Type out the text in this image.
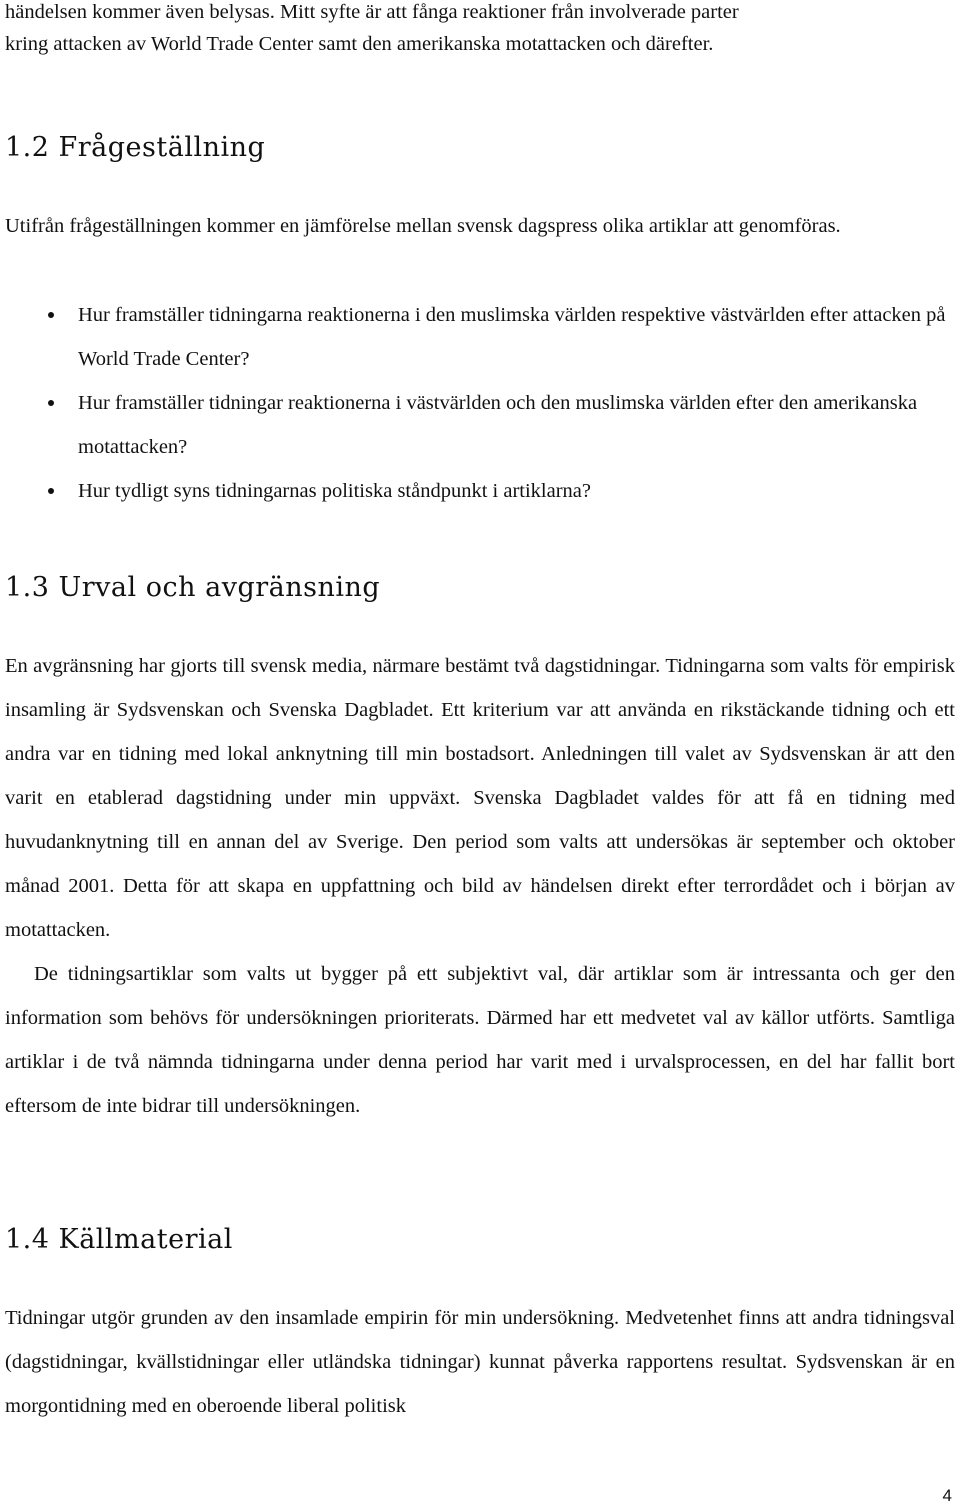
händelsen kommer även belysas. Mitt syfte är att fånga reaktioner från involverade parter

kring attacken av World Trade Center samt den amerikanska motattacken och därefter.

1.2 Frågeställning

Utifrån frågeställningen kommer en jämförelse mellan svensk dagspress olika artiklar att genomföras.

Hur framställer tidningarna reaktionerna i den muslimska världen respektive västvärlden efter attacken på World Trade Center?
Hur framställer tidningar reaktionerna i västvärlden och den muslimska världen efter den amerikanska motattacken?
Hur tydligt syns tidningarnas politiska ståndpunkt i artiklarna?
1.3 Urval och avgränsning

En avgränsning har gjorts till svensk media, närmare bestämt två dagstidningar. Tidningarna som valts för empirisk insamling är Sydsvenskan och Svenska Dagbladet. Ett kriterium var att använda en rikstäckande tidning och ett andra var en tidning med lokal anknytning till min bostadsort. Anledningen till valet av Sydsvenskan är att den varit en etablerad dagstidning under min uppväxt. Svenska Dagbladet valdes för att få en tidning med huvudanknytning till en annan del av Sverige. Den period som valts att undersökas är september och oktober månad 2001. Detta för att skapa en uppfattning och bild av händelsen direkt efter terrordådet och i början av motattacken.

De tidningsartiklar som valts ut bygger på ett subjektivt val, där artiklar som är intressanta och ger den information som behövs för undersökningen prioriterats. Därmed har ett medvetet val av källor utförts. Samtliga artiklar i de två nämnda tidningarna under denna period har varit med i urvalsprocessen, en del har fallit bort eftersom de inte bidrar till undersökningen.

1.4 Källmaterial

Tidningar utgör grunden av den insamlade empirin för min undersökning. Medvetenhet finns att andra tidningsval (dagstidningar, kvällstidningar eller utländska tidningar) kunnat påverka rapportens resultat. Sydsvenskan är en morgontidning med en oberoende liberal politisk

4
